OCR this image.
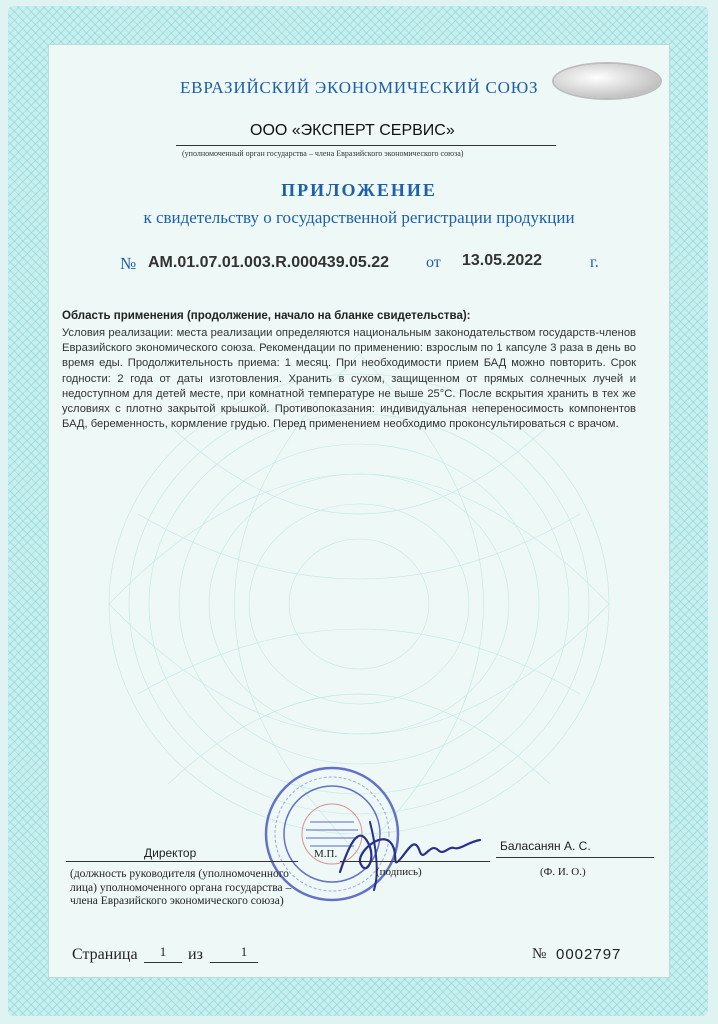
ЕВРАЗИЙСКИЙ ЭКОНОМИЧЕСКИЙ СОЮЗ
ООО «ЭКСПЕРТ СЕРВИС»
(уполномоченный орган государства – члена Евразийского экономического союза)
ПРИЛОЖЕНИЕ
к свидетельству о государственной регистрации продукции
№ AM.01.07.01.003.R.000439.05.22 от 13.05.2022	г.
Область применения (продолжение, начало на бланке свидетельства):
Условия реализации: места реализации определяются национальным законодательством государств-членов Евразийского экономического союза. Рекомендации по применению: взрослым по 1 капсуле 3 раза в день во время еды. Продолжительность приема: 1 месяц. При необходимости прием БАД можно повторить. Срок годности: 2 года от даты изготовления. Хранить в сухом, защищенном от прямых солнечных лучей и недоступном для детей месте, при комнатной температуре не выше 25°С. После вскрытия хранить в тех же условиях с плотно закрытой крышкой. Противопоказания: индивидуальная непереносимость компонентов БАД, беременность, кормление грудью. Перед применением необходимо проконсультироваться с врачом.
Директор	М.П.
Баласанян А. С.
(должность руководителя (уполномоченного лица) уполномоченного органа государства – члена Евразийского экономического союза)
(подпись)	(Ф. И. О.)
Страница	1	из	1	№ 0002797
